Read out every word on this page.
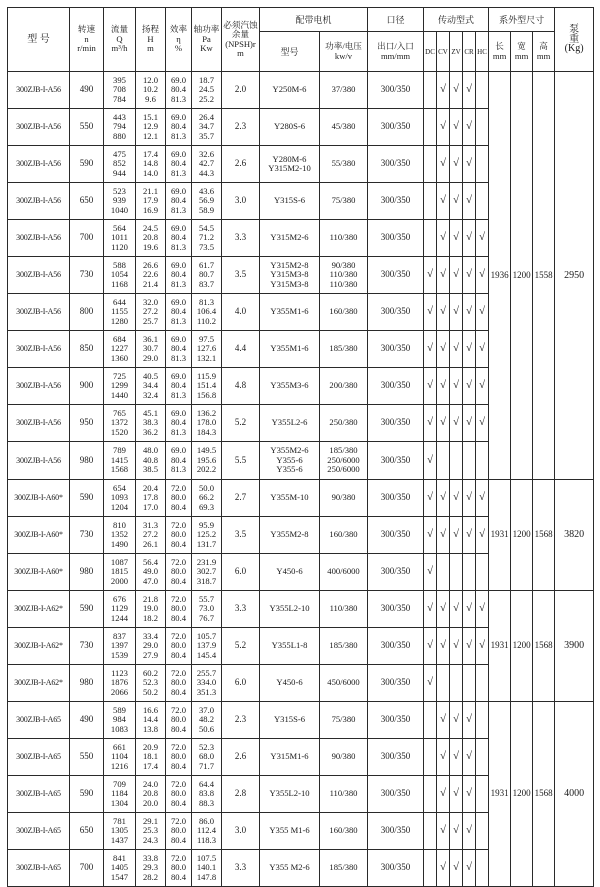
型 号	转速
n
r/min	流量
Q
m³/h	扬程
H
m	效率
η
%	轴功率
Pa
Kw	必须汽蚀
余量
(NPSH)r
m	配带电机		口径	传动型式					系外型尺寸			泵
重
(Kg)
							型号	功率/电压
kw/v	出口/入口
mm/mm	DC	CV	ZV	CR	HC	长
mm	宽
mm	高
mm	
300ZJB-I-A56	490	395
708
784	12.0
10.2
9.6	69.0
80.4
81.3	18.7
24.5
25.2	2.0	Y250M-6	37/380	300/350		√	√	√		1936	1200	1558	2950
300ZJB-I-A56	550	443
794
880	15.1
12.9
12.1	69.0
80.4
81.3	26.4
34.7
35.7	2.3	Y280S-6	45/380	300/350		√	√	√					
300ZJB-I-A56	590	475
852
944	17.4
14.8
14.0	69.0
80.4
81.3	32.6
42.7
44.3	2.6	Y280M-6
Y315M2-10	55/380	300/350		√	√	√					
300ZJB-I-A56	650	523
939
1040	21.1
17.9
16.9	69.0
80.4
81.3	43.6
56.9
58.9	3.0	Y315S-6	75/380	300/350		√	√	√					
300ZJB-I-A56	700	564
1011
1120	24.5
20.8
19.6	69.0
80.4
81.3	54.5
71.2
73.5	3.3	Y315M2-6	110/380	300/350		√	√	√	√				
300ZJB-I-A56	730	588
1054
1168	26.6
22.6
21.4	69.0
80.4
81.3	61.7
80.7
83.7	3.5	Y315M2-8
Y315M3-8
Y315M3-8	90/380
110/380
110/380	300/350	√	√	√	√	√				
300ZJB-I-A56	800	644
1155
1280	32.0
27.2
25.7	69.0
80.4
81.3	81.3
106.4
110.2	4.0	Y355M1-6	160/380	300/350	√	√	√	√	√				
300ZJB-I-A56	850	684
1227
1360	36.1
30.7
29.0	69.0
80.4
81.3	97.5
127.6
132.1	4.4	Y355M1-6	185/380	300/350	√	√	√	√	√				
300ZJB-I-A56	900	725
1299
1440	40.5
34.4
32.4	69.0
80.4
81.3	115.9
151.4
156.8	4.8	Y355M3-6	200/380	300/350	√	√	√	√	√				
300ZJB-I-A56	950	765
1372
1520	45.1
38.3
36.2	69.0
80.4
81.3	136.2
178.0
184.3	5.2	Y355L2-6	250/380	300/350	√	√	√	√	√				
300ZJB-I-A56	980	789
1415
1568	48.0
40.8
38.5	69.0
80.4
81.3	149.5
195.6
202.2	5.5	Y355M2-6
Y355-6
Y355-6	185/380
250/6000
250/6000	300/350	√								
300ZJB-I-A60*	590	654
1093
1204	20.4
17.8
17.0	72.0
80.0
80.4	50.0
66.2
69.3	2.7	Y355M-10	90/380	300/350	√	√	√	√	√	1931	1200	1568	3820
300ZJB-I-A60*	730	810
1352
1490	31.3
27.2
26.1	72.0
80.0
80.4	95.9
125.2
131.7	3.5	Y355M2-8	160/380	300/350	√	√	√	√	√				
300ZJB-I-A60*	980	1087
1815
2000	56.4
49.0
47.0	72.0
80.0
80.4	231.9
302.7
318.7	6.0	Y450-6	400/6000	300/350	√								
300ZJB-I-A62*	590	676
1129
1244	21.8
19.0
18.2	72.0
80.0
80.4	55.7
73.0
76.7	3.3	Y355L2-10	110/380	300/350	√	√	√	√	√	1931	1200	1568	3900
300ZJB-I-A62*	730	837
1397
1539	33.4
29.0
27.9	72.0
80.0
80.4	105.7
137.9
145.4	5.2	Y355L1-8	185/380	300/350	√	√	√	√	√				
300ZJB-I-A62*	980	1123
1876
2066	60.2
52.3
50.2	72.0
80.0
80.4	255.7
334.0
351.3	6.0	Y450-6	450/6000	300/350	√								
300ZJB-I-A65	490	589
984
1083	16.6
14.4
13.8	72.0
80.0
80.4	37.0
48.2
50.6	2.3	Y315S-6	75/380	300/350		√	√	√		1931	1200	1568	4000
300ZJB-I-A65	550	661
1104
1216	20.9
18.1
17.4	72.0
80.0
80.4	52.3
68.0
71.7	2.6	Y315M1-6	90/380	300/350		√	√	√					
300ZJB-I-A65	590	709
1184
1304	24.0
20.8
20.0	72.0
80.0
80.4	64.4
83.8
88.3	2.8	Y355L2-10	110/380	300/350		√	√	√					
300ZJB-I-A65	650	781
1305
1437	29.1
25.3
24.3	72.0
80.0
80.4	86.0
112.4
118.3	3.0	Y355 M1-6	160/380	300/350		√	√	√					
300ZJB-I-A65	700	841
1405
1547	33.8
29.3
28.2	72.0
80.0
80.4	107.5
140.1
147.8	3.3	Y355 M2-6	185/380	300/350		√	√	√					
